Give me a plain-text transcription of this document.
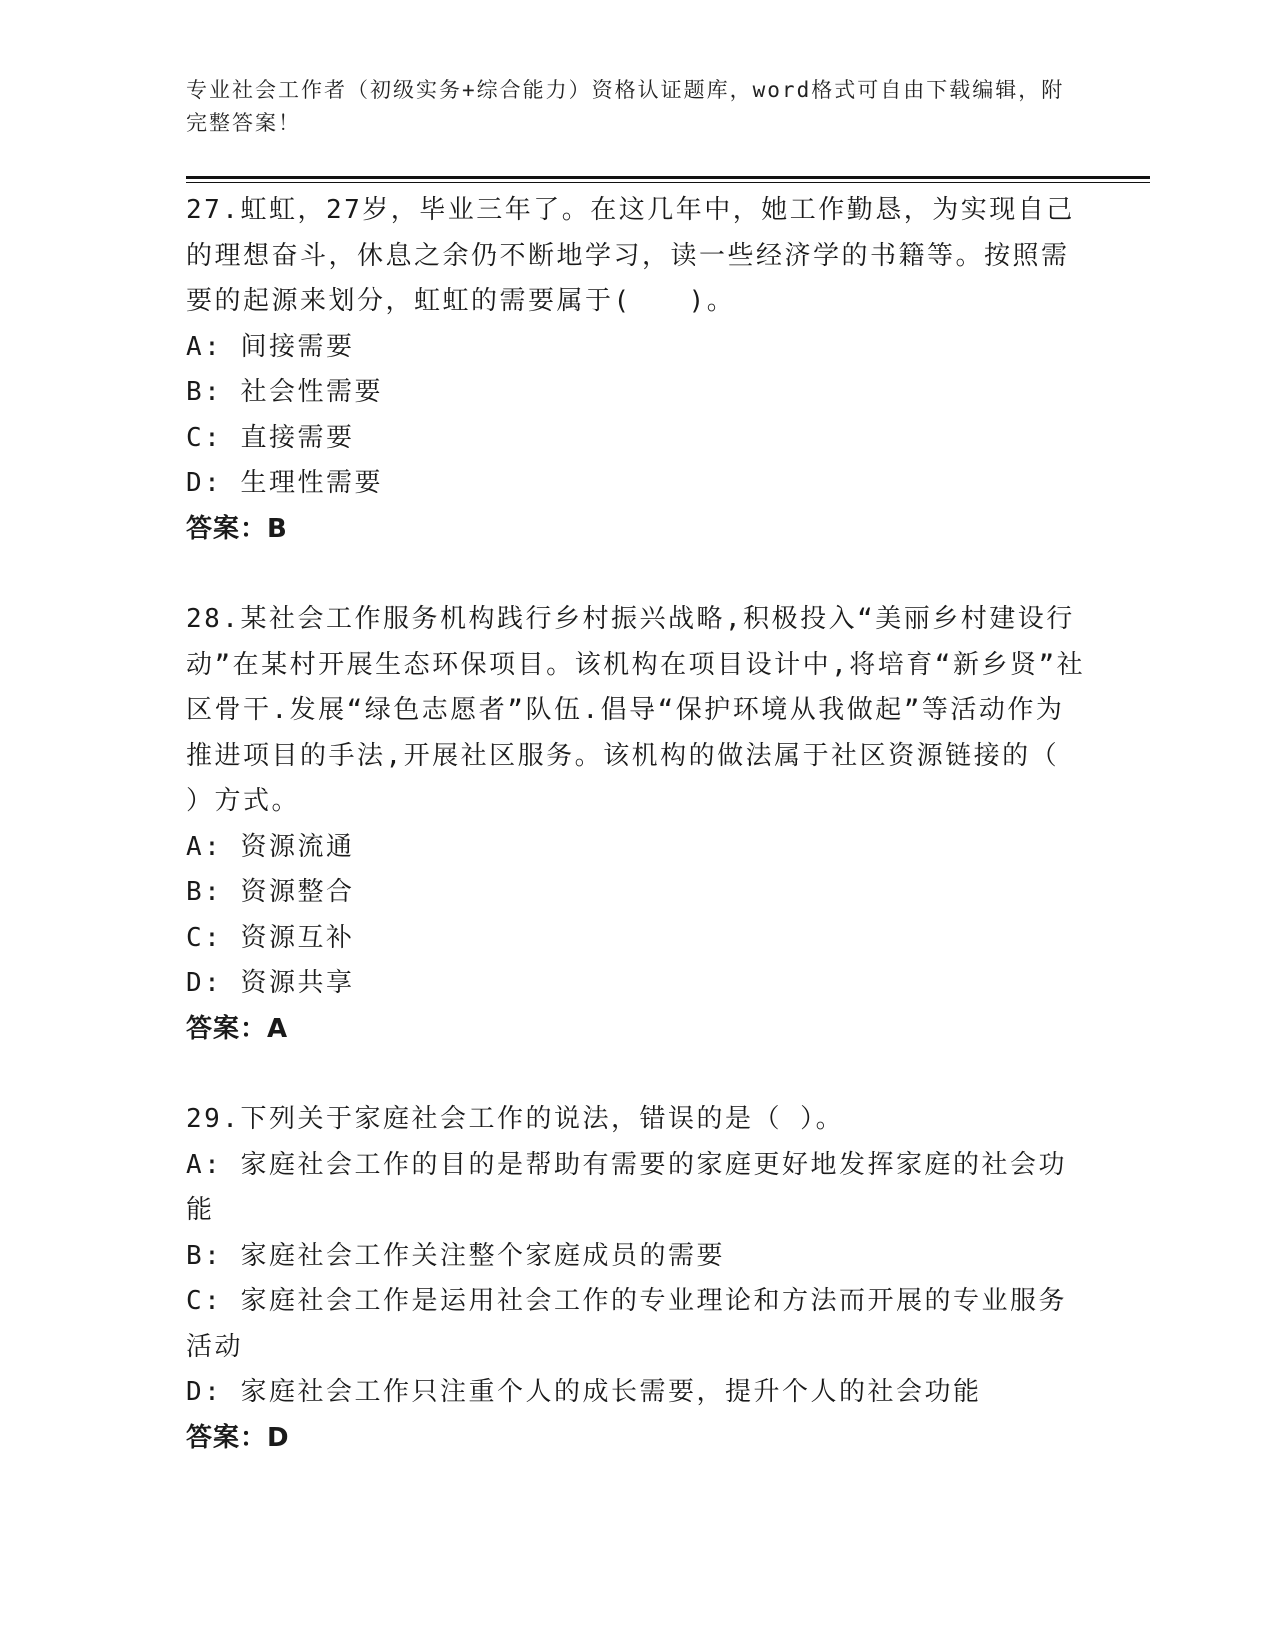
专业社会工作者（初级实务+综合能力）资格认证题库，word格式可自由下载编辑，附完整答案！

27.虹虹，27岁，毕业三年了。在这几年中，她工作勤恳，为实现自己的理想奋斗，休息之余仍不断地学习，读一些经济学的书籍等。按照需要的起源来划分，虹虹的需要属于(　　)。

A: 间接需要

B: 社会性需要

C: 直接需要

D: 生理性需要

答案：B

28.某社会工作服务机构践行乡村振兴战略,积极投入“美丽乡村建设行动”在某村开展生态环保项目。该机构在项目设计中,将培育“新乡贤”社区骨干.发展“绿色志愿者”队伍.倡导“保护环境从我做起”等活动作为推进项目的手法,开展社区服务。该机构的做法属于社区资源链接的（ ）方式。

A: 资源流通

B: 资源整合

C: 资源互补

D: 资源共享

答案：A

29.下列关于家庭社会工作的说法，错误的是（ ）。

A: 家庭社会工作的目的是帮助有需要的家庭更好地发挥家庭的社会功能

B: 家庭社会工作关注整个家庭成员的需要

C: 家庭社会工作是运用社会工作的专业理论和方法而开展的专业服务活动

D: 家庭社会工作只注重个人的成长需要，提升个人的社会功能

答案：D
